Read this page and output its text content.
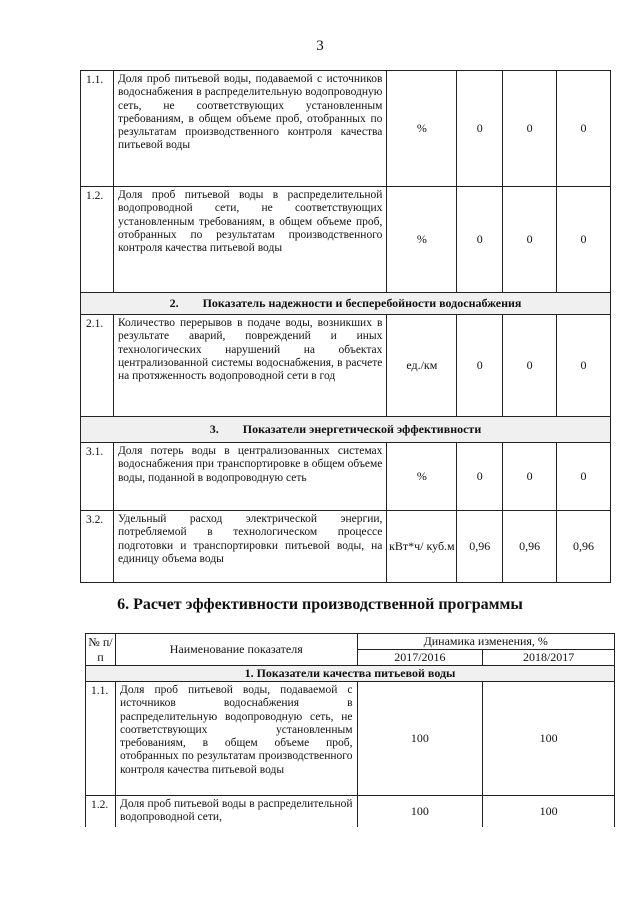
3
1.1.	Доля проб питьевой воды, подаваемой с источников водоснабжения в распределительную водопроводную сеть, не соответствующих установленным требованиям, в общем объеме проб, отобранных по результатам производственного контроля качества питьевой воды	%	0	0	0
1.2.	Доля проб питьевой воды в распределительной водопроводной сети, не соответствующих установленным требованиям, в общем объеме проб, отобранных по результатам производственного контроля качества питьевой воды	%	0	0	0
2.        Показатель надежности и бесперебойности водоснабжения					
2.1.	Количество перерывов в подаче воды, возникших в результате аварий, повреждений и иных технологических нарушений на объектах централизованной системы водоснабжения, в расчете на протяженность водопроводной сети в год	ед./км	0	0	0
3.        Показатели энергетической эффективности					
3.1.	Доля потерь воды в централизованных системах водоснабжения при транспортировке в общем объеме воды, поданной в водопроводную сеть	%	0	0	0
3.2.	Удельный расход электрической энергии, потребляемой в технологическом процессе подготовки и транспортировки питьевой воды, на единицу объема воды	кВт*ч/ куб.м	0,96	0,96	0,96
6. Расчет эффективности производственной программы
№ п/п	Наименование показателя	Динамика изменения, %	
		2017/2016	2018/2017
1. Показатели качества питьевой воды			
1.1.	Доля проб питьевой воды, подаваемой с источников водоснабжения в распределительную водопроводную сеть, не соответствующих установленным требованиям, в общем объеме проб, отобранных по результатам производственного контроля качества питьевой воды	100	100
1.2.	Доля проб питьевой воды в распределительной водопроводной сети,	100	100
